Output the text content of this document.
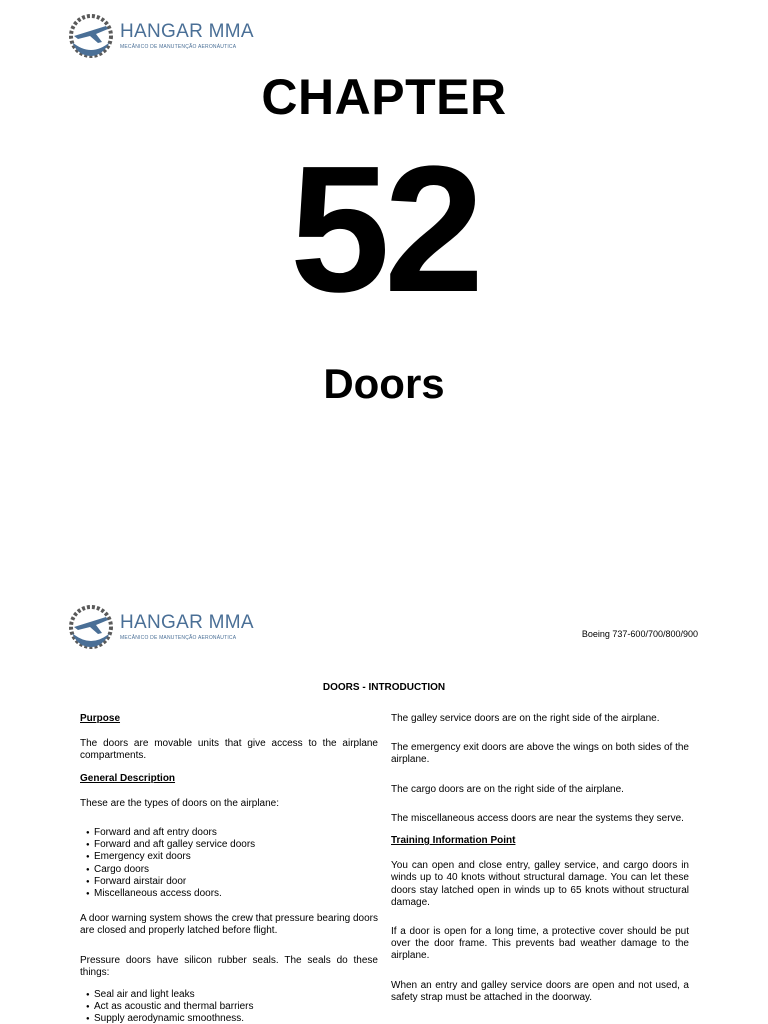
HANGAR MMA
MECÂNICO DE MANUTENÇÃO AERONÁUTICA
CHAPTER
52
Doors
HANGAR MMA
MECÂNICO DE MANUTENÇÃO AERONÁUTICA	Boeing 737-600/700/800/900
DOORS - INTRODUCTION

Purpose

The doors are movable units that give access to the airplane compartments.

General Description

These are the types of doors on the airplane:

● Forward and aft entry doors
● Forward and aft galley service doors
● Emergency exit doors
● Cargo doors
● Forward airstair door
● Miscellaneous access doors.

A door warning system shows the crew that pressure bearing doors are closed and properly latched before flight.

Pressure doors have silicon rubber seals. The seals do these things:

● Seal air and light leaks
● Act as acoustic and thermal barriers
● Supply aerodynamic smoothness.

The galley service doors are on the right side of the airplane.

The emergency exit doors are above the wings on both sides of the airplane.

The cargo doors are on the right side of the airplane.

The miscellaneous access doors are near the systems they serve.

Training Information Point

You can open and close entry, galley service, and cargo doors in winds up to 40 knots without structural damage. You can let these doors stay latched open in winds up to 65 knots without structural damage.

If a door is open for a long time, a protective cover should be put over the door frame. This prevents bad weather damage to the airplane.

When an entry and galley service doors are open and not used, a safety strap must be attached in the doorway.
